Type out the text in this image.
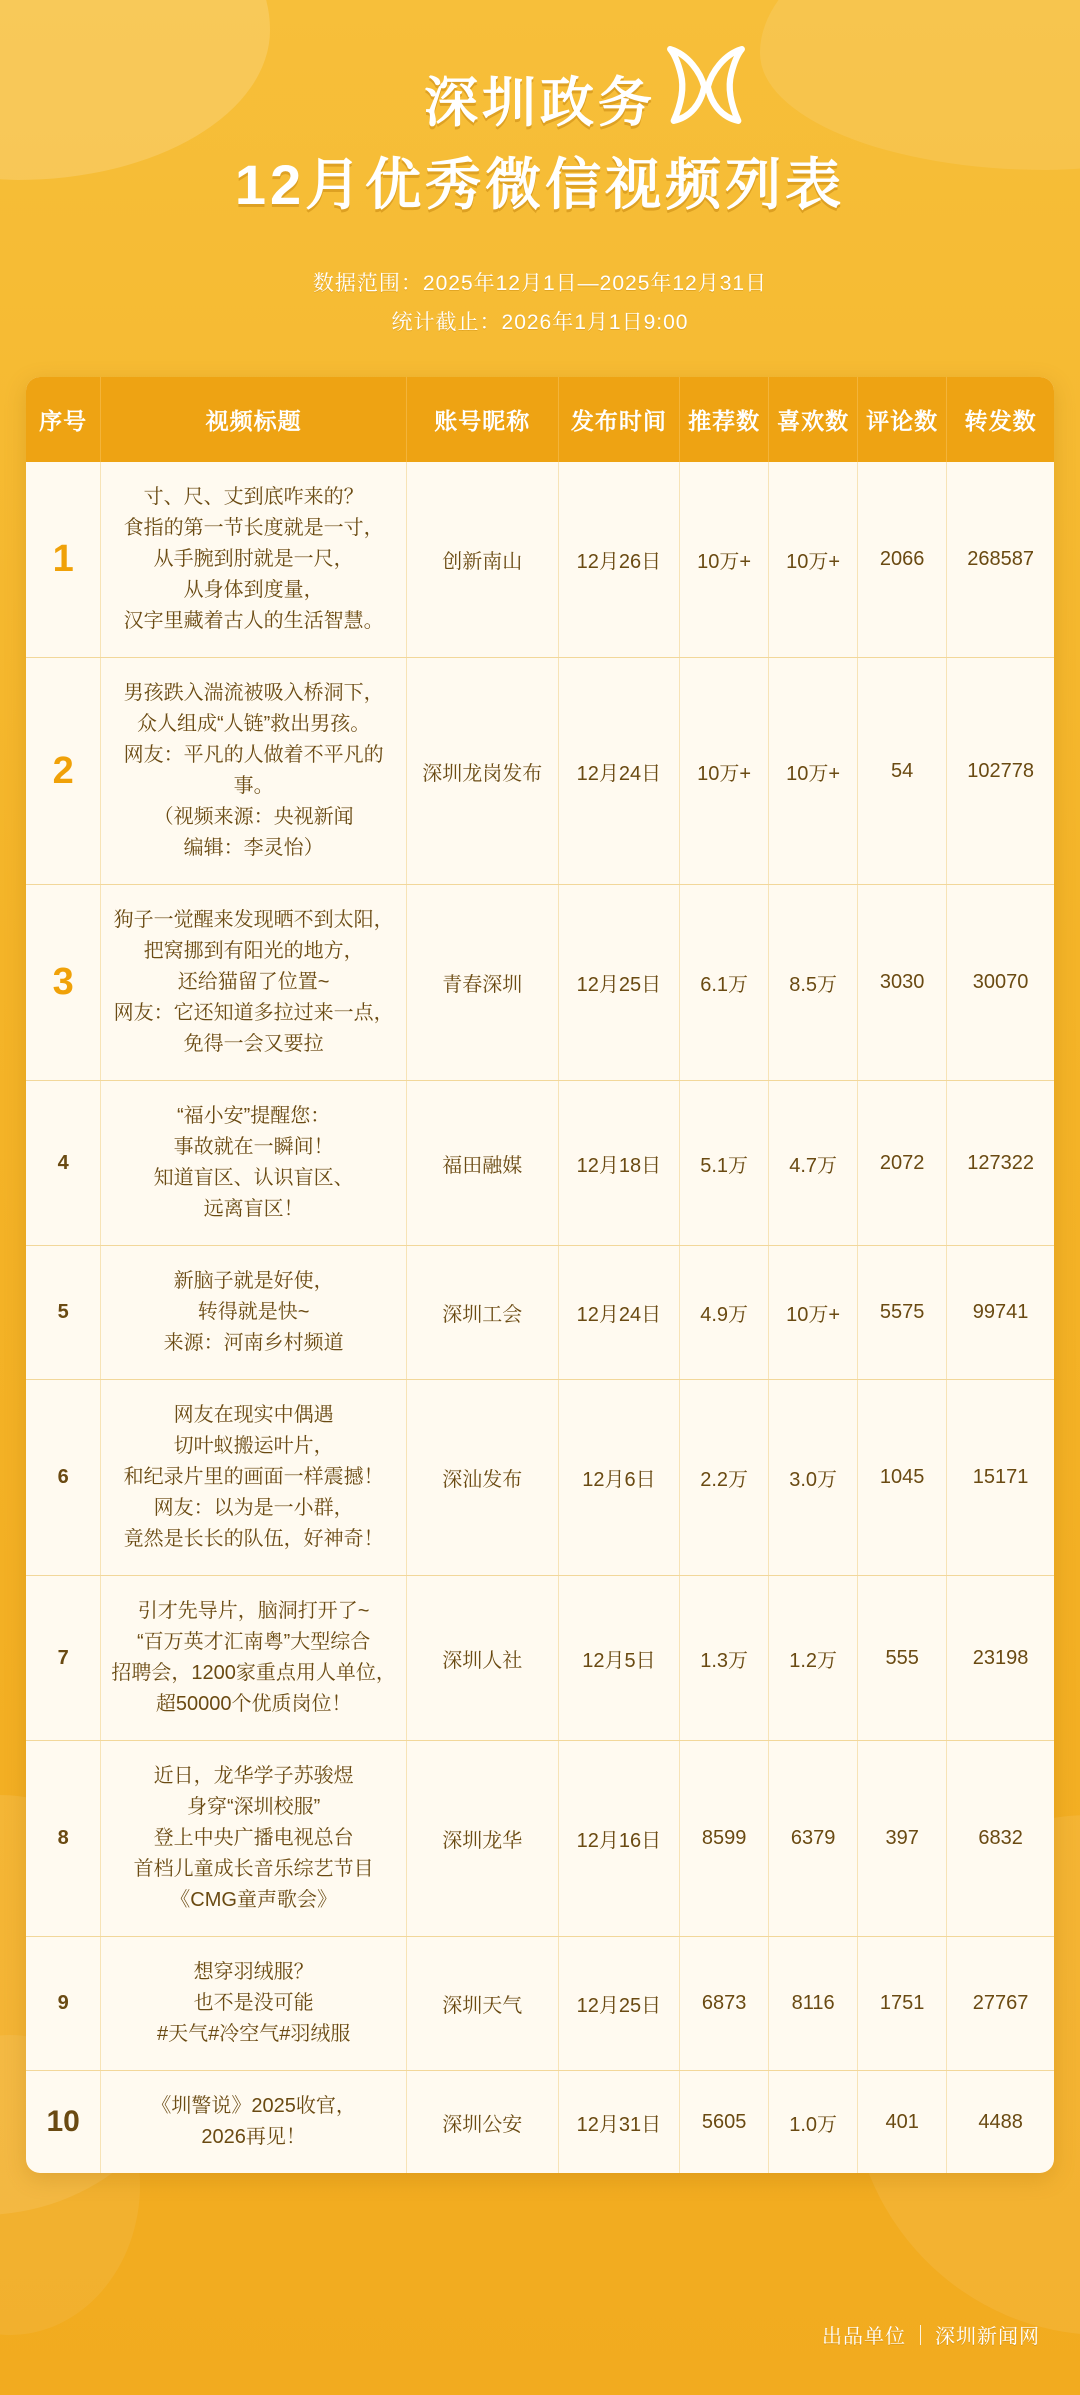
深圳政务
12月优秀微信视频列表
数据范围：2025年12月1日—2025年12月31日
统计截止：2026年1月1日9:00
序号	视频标题	账号昵称	发布时间	推荐数	喜欢数	评论数	转发数
1	寸、尺、丈到底咋来的？
食指的第一节长度就是一寸，
从手腕到肘就是一尺，
从身体到度量，
汉字里藏着古人的生活智慧。	创新南山	12月26日	10万+	10万+	2066	268587
2	男孩跌入湍流被吸入桥洞下，
众人组成“人链”救出男孩。
网友：平凡的人做着不平凡的事。
（视频来源：央视新闻
编辑：李灵怡）	深圳龙岗发布	12月24日	10万+	10万+	54	102778
3	狗子一觉醒来发现晒不到太阳，
把窝挪到有阳光的地方，
还给猫留了位置~
网友：它还知道多拉过来一点，
免得一会又要拉	青春深圳	12月25日	6.1万	8.5万	3030	30070
4	“福小安”提醒您：
事故就在一瞬间！
知道盲区、认识盲区、
远离盲区！	福田融媒	12月18日	5.1万	4.7万	2072	127322
5	新脑子就是好使，
转得就是快~
来源：河南乡村频道	深圳工会	12月24日	4.9万	10万+	5575	99741
6	网友在现实中偶遇
切叶蚁搬运叶片，
和纪录片里的画面一样震撼！
网友：以为是一小群，
竟然是长长的队伍，好神奇！	深汕发布	12月6日	2.2万	3.0万	1045	15171
7	引才先导片，脑洞打开了~
“百万英才汇南粤”大型综合
招聘会，1200家重点用人单位，
超50000个优质岗位！	深圳人社	12月5日	1.3万	1.2万	555	23198
8	近日，龙华学子苏骏煜
身穿“深圳校服”
登上中央广播电视总台
首档儿童成长音乐综艺节目
《CMG童声歌会》	深圳龙华	12月16日	8599	6379	397	6832
9	想穿羽绒服？
也不是没可能
#天气#冷空气#羽绒服	深圳天气	12月25日	6873	8116	1751	27767
10	《圳警说》2025收官，
2026再见！	深圳公安	12月31日	5605	1.0万	401	4488
出品单位 深圳新闻网
